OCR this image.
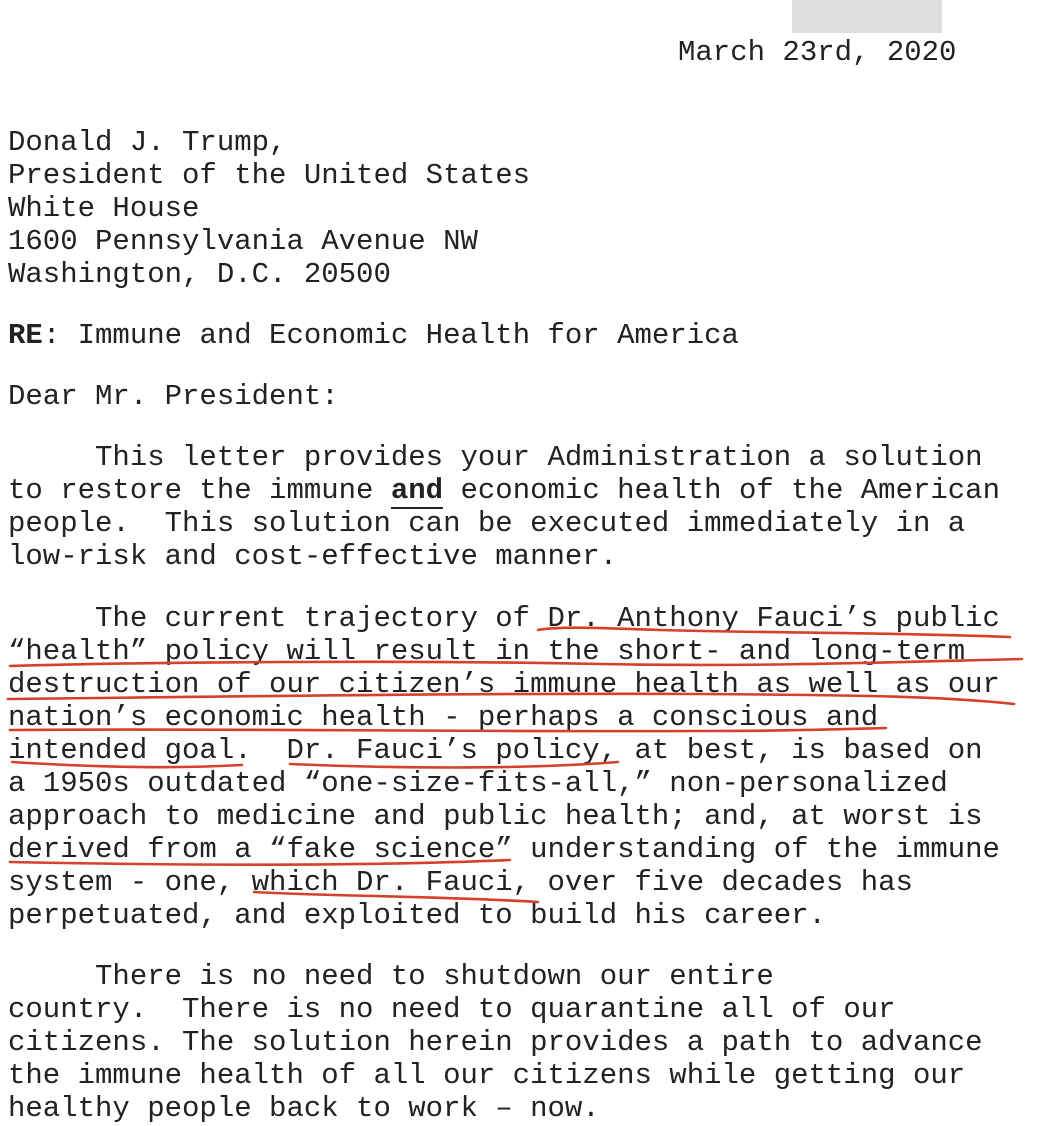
March 23rd, 2020
Donald J. Trump,
President of the United States
White House
1600 Pennsylvania Avenue NW
Washington, D.C. 20500
RE: Immune and Economic Health for America
Dear Mr. President:
This letter provides your Administration a solution
to restore the immune and economic health of the American
people.  This solution can be executed immediately in a
low-risk and cost-effective manner.
The current trajectory of Dr. Anthony Fauci’s public
“health” policy will result in the short- and long-term
destruction of our citizen’s immune health as well as our
nation’s economic health - perhaps a conscious and
intended goal.  Dr. Fauci’s policy, at best, is based on
a 1950s outdated “one-size-fits-all,” non-personalized
approach to medicine and public health; and, at worst is
derived from a “fake science” understanding of the immune
system - one, which Dr. Fauci, over five decades has
perpetuated, and exploited to build his career.
There is no need to shutdown our entire
country.  There is no need to quarantine all of our
citizens. The solution herein provides a path to advance
the immune health of all our citizens while getting our
healthy people back to work – now.
